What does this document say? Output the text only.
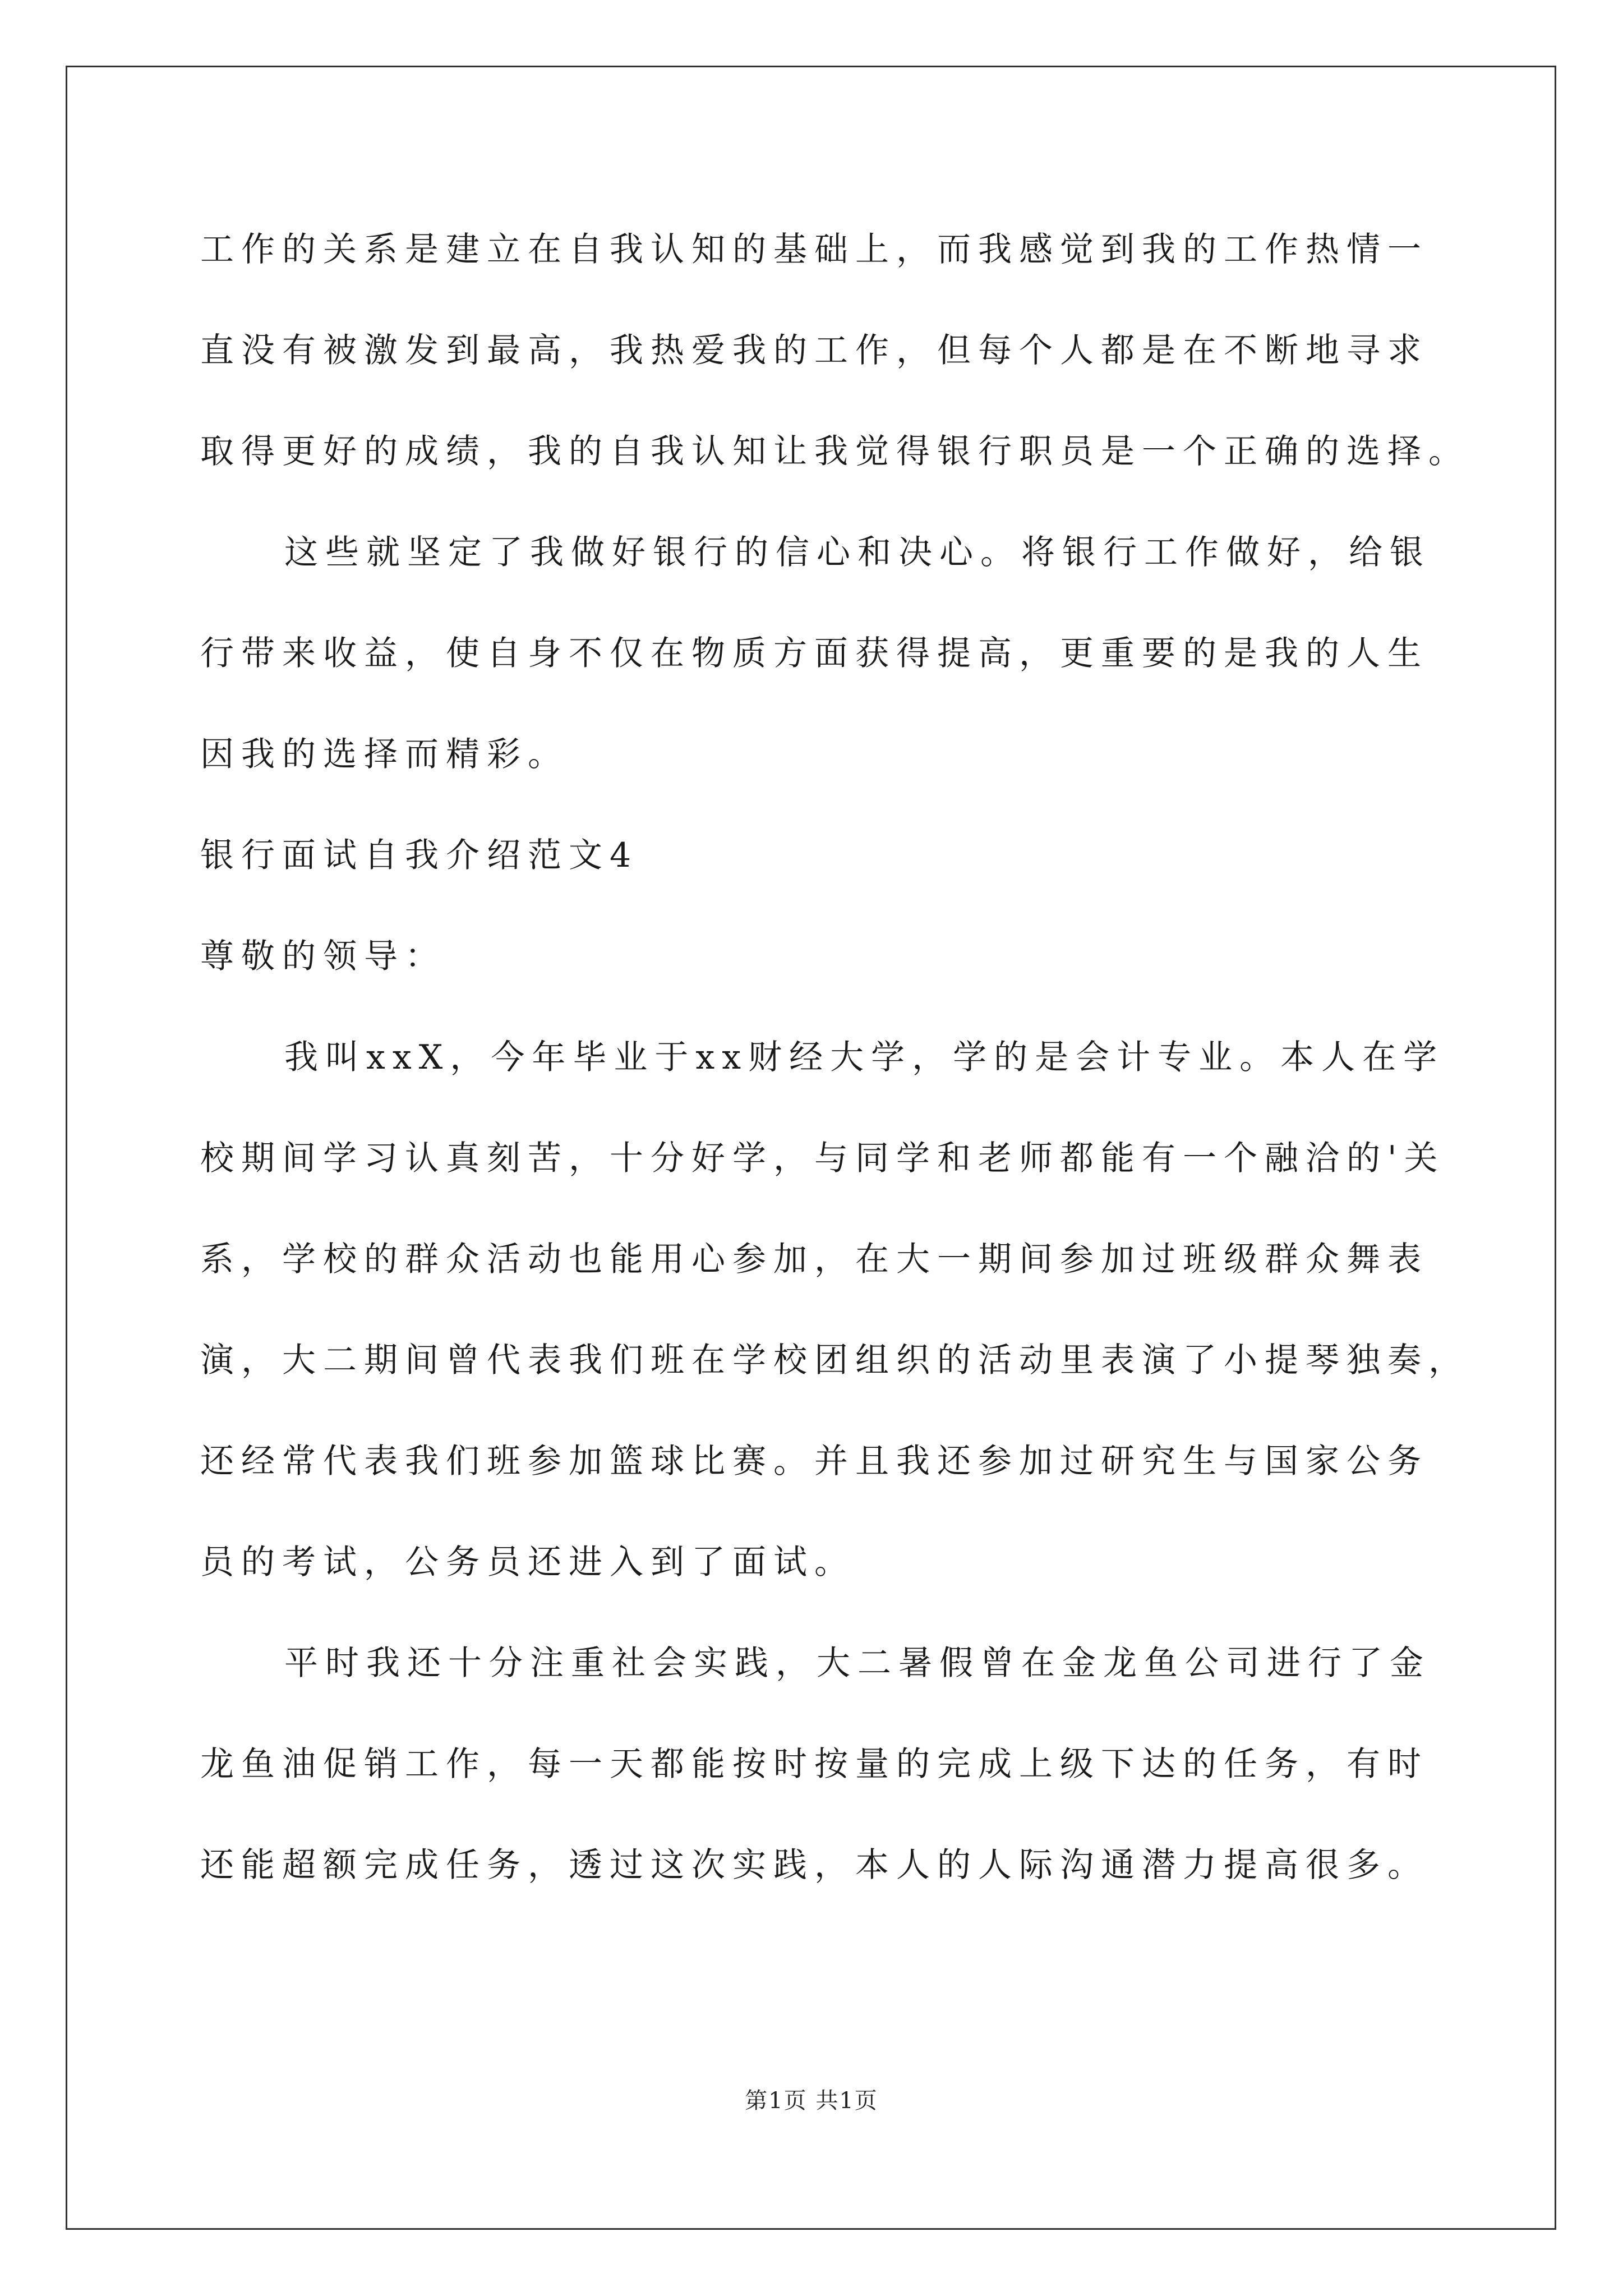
工作的关系是建立在自我认知的基础上，而我感觉到我的工作热情一
直没有被激发到最高，我热爱我的工作，但每个人都是在不断地寻求
取得更好的成绩，我的自我认知让我觉得银行职员是一个正确的选择。
这些就坚定了我做好银行的信心和决心。将银行工作做好，给银
行带来收益，使自身不仅在物质方面获得提高，更重要的是我的人生
因我的选择而精彩。
银行面试自我介绍范文4
尊敬的领导：
我叫xxX，今年毕业于xx财经大学，学的是会计专业。本人在学
校期间学习认真刻苦，十分好学，与同学和老师都能有一个融洽的'关
系，学校的群众活动也能用心参加，在大一期间参加过班级群众舞表
演，大二期间曾代表我们班在学校团组织的活动里表演了小提琴独奏，
还经常代表我们班参加篮球比赛。并且我还参加过研究生与国家公务
员的考试，公务员还进入到了面试。
平时我还十分注重社会实践，大二暑假曾在金龙鱼公司进行了金
龙鱼油促销工作，每一天都能按时按量的完成上级下达的任务，有时
还能超额完成任务，透过这次实践，本人的人际沟通潜力提高很多。
第1页 共1页
